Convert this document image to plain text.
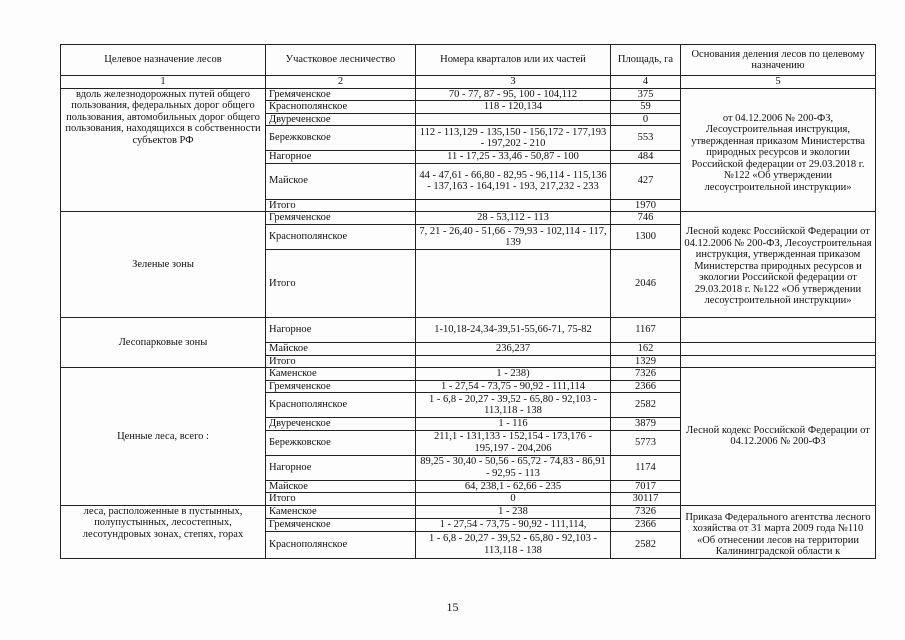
Целевое назначение лесов	Участковое лесничество	Номера кварталов или их частей	Площадь, га	Основания деления лесов по целевому назначению
1	2	3	4	5
вдоль железнодорожных путей общего пользования, федеральных дорог общего пользования, автомобильных дорог общего пользования, находящихся в собственности субъектов РФ	Гремяченское	70 - 77, 87 - 95, 100 - 104,112	375	от 04.12.2006 № 200-ФЗ, Лесоустроительная инструкция, утвержденная приказом Министерства природных ресурсов и экологии Российской федерации от 29.03.2018 г. №122 «Об утверждении лесоустроительной инструкции»
	Краснополянское	118 - 120,134	59	
	Двуреченское		0	
	Бережковское	112 - 113,129 - 135,150 - 156,172 - 177,193 - 197,202 - 210	553	
	Нагорное	11 - 17,25 - 33,46 - 50,87 - 100	484	
	Майское	44 - 47,61 - 66,80 - 82,95 - 96,114 - 115,136 - 137,163 - 164,191 - 193, 217,232 - 233	427	
	Итого		1970	
Зеленые зоны	Гремяченское	28 - 53,112 - 113	746	Лесной кодекс Российской Федерации от 04.12.2006 № 200-ФЗ, Лесоустроительная инструкция, утвержденная приказом Министерства природных ресурсов и экологии Российской федерации от 29.03.2018 г. №122 «Об утверждении лесоустроительной инструкции»
	Краснополянское	7, 21 - 26,40 - 51,66 - 79,93 - 102,114 - 117, 139	1300	
	Итого		2046	
Лесопарковые зоны	Нагорное	1-10,18-24,34-39,51-55,66-71, 75-82	1167	
	Майское	236,237	162	
	Итого		1329	
Ценные леса, всего :	Каменское	1 - 238)	7326	Лесной кодекс Российской Федерации от 04.12.2006 № 200-ФЗ
	Гремяченское	1 - 27,54 - 73,75 - 90,92 - 111,114	2366	
	Краснополянское	1 - 6,8 - 20,27 - 39,52 - 65,80 - 92,103 - 113,118 - 138	2582	
	Двуреченское	1 - 116	3879	
	Бережковское	211,1 - 131,133 - 152,154 - 173,176 - 195,197 - 204,206	5773	
	Нагорное	89,25 - 30,40 - 50,56 - 65,72 - 74,83 - 86,91 - 92,95 - 113	1174	
	Майское	64, 238,1 - 62,66 - 235	7017	
	Итого	0	30117	
леса, расположенные в пустынных, полупустынных, лесостепных, лесотундровых зонах, степях, горах	Каменское	1 - 238	7326	Приказа Федерального агентства лесного хозяйства от 31 марта 2009 года №110 «Об отнесении лесов на территории Калининградской области к
	Гремяченское	1 - 27,54 - 73,75 - 90,92 - 111,114,	2366	
	Краснополянское	1 - 6,8 - 20,27 - 39,52 - 65,80 - 92,103 - 113,118 - 138	2582	
15
